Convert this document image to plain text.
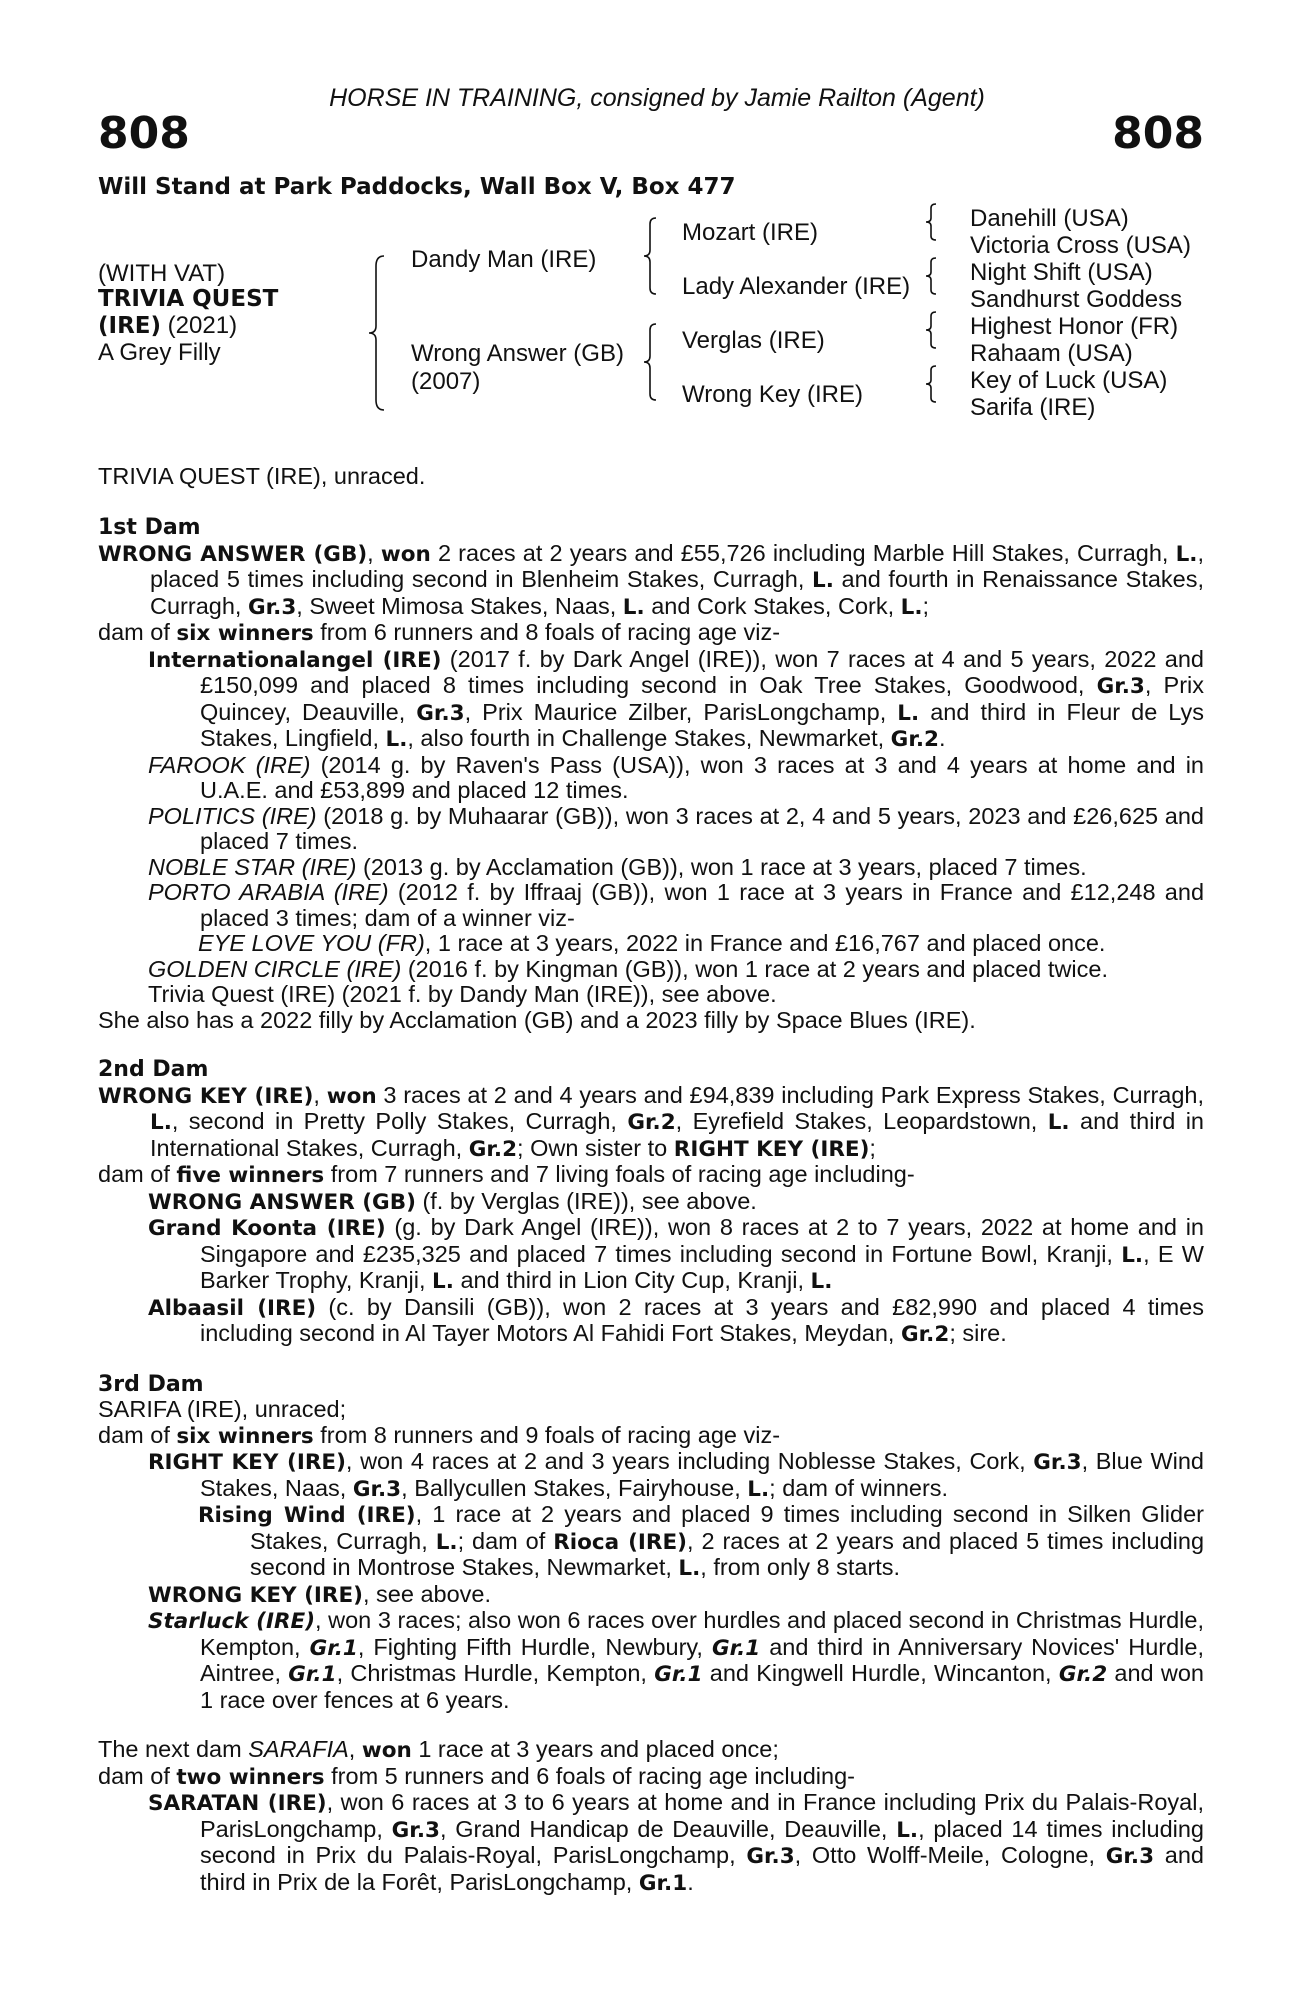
HORSE IN TRAINING, consigned by Jamie Railton (Agent)
808	808
Will Stand at Park Paddocks, Wall Box V, Box 477
(WITH VAT)
TRIVIA QUEST
(IRE) (2021)
A Grey Filly
Dandy Man (IRE)
Wrong Answer (GB)
(2007)
Mozart (IRE)
Lady Alexander (IRE)
Verglas (IRE)
Wrong Key (IRE)
Danehill (USA)
Victoria Cross (USA)
Night Shift (USA)
Sandhurst Goddess
Highest Honor (FR)
Rahaam (USA)
Key of Luck (USA)
Sarifa (IRE)

TRIVIA QUEST (IRE), unraced.

1st Dam

WRONG ANSWER (GB), won 2 races at 2 years and £55,726 including Marble Hill Stakes, Curragh, L., placed 5 times including second in Blenheim Stakes, Curragh, L. and fourth in Renaissance Stakes, Curragh, Gr.3, Sweet Mimosa Stakes, Naas, L. and Cork Stakes, Cork, L.;

dam of six winners from 6 runners and 8 foals of racing age viz-

Internationalangel (IRE) (2017 f. by Dark Angel (IRE)), won 7 races at 4 and 5 years, 2022 and £150,099 and placed 8 times including second in Oak Tree Stakes, Goodwood, Gr.3, Prix Quincey, Deauville, Gr.3, Prix Maurice Zilber, ParisLongchamp, L. and third in Fleur de Lys Stakes, Lingfield, L., also fourth in Challenge Stakes, Newmarket, Gr.2.

FAROOK (IRE) (2014 g. by Raven's Pass (USA)), won 3 races at 3 and 4 years at home and in U.A.E. and £53,899 and placed 12 times.

POLITICS (IRE) (2018 g. by Muhaarar (GB)), won 3 races at 2, 4 and 5 years, 2023 and £26,625 and placed 7 times.

NOBLE STAR (IRE) (2013 g. by Acclamation (GB)), won 1 race at 3 years, placed 7 times.

PORTO ARABIA (IRE) (2012 f. by Iffraaj (GB)), won 1 race at 3 years in France and £12,248 and placed 3 times; dam of a winner viz-

EYE LOVE YOU (FR), 1 race at 3 years, 2022 in France and £16,767 and placed once.

GOLDEN CIRCLE (IRE) (2016 f. by Kingman (GB)), won 1 race at 2 years and placed twice.

Trivia Quest (IRE) (2021 f. by Dandy Man (IRE)), see above.

She also has a 2022 filly by Acclamation (GB) and a 2023 filly by Space Blues (IRE).

2nd Dam

WRONG KEY (IRE), won 3 races at 2 and 4 years and £94,839 including Park Express Stakes, Curragh, L., second in Pretty Polly Stakes, Curragh, Gr.2, Eyrefield Stakes, Leopardstown, L. and third in International Stakes, Curragh, Gr.2; Own sister to RIGHT KEY (IRE);

dam of five winners from 7 runners and 7 living foals of racing age including-

WRONG ANSWER (GB) (f. by Verglas (IRE)), see above.

Grand Koonta (IRE) (g. by Dark Angel (IRE)), won 8 races at 2 to 7 years, 2022 at home and in Singapore and £235,325 and placed 7 times including second in Fortune Bowl, Kranji, L., E W Barker Trophy, Kranji, L. and third in Lion City Cup, Kranji, L.

Albaasil (IRE) (c. by Dansili (GB)), won 2 races at 3 years and £82,990 and placed 4 times including second in Al Tayer Motors Al Fahidi Fort Stakes, Meydan, Gr.2; sire.

3rd Dam

SARIFA (IRE), unraced;

dam of six winners from 8 runners and 9 foals of racing age viz-

RIGHT KEY (IRE), won 4 races at 2 and 3 years including Noblesse Stakes, Cork, Gr.3, Blue Wind Stakes, Naas, Gr.3, Ballycullen Stakes, Fairyhouse, L.; dam of winners.

Rising Wind (IRE), 1 race at 2 years and placed 9 times including second in Silken Glider Stakes, Curragh, L.; dam of Rioca (IRE), 2 races at 2 years and placed 5 times including second in Montrose Stakes, Newmarket, L., from only 8 starts.

WRONG KEY (IRE), see above.

Starluck (IRE), won 3 races; also won 6 races over hurdles and placed second in Christmas Hurdle, Kempton, Gr.1, Fighting Fifth Hurdle, Newbury, Gr.1 and third in Anniversary Novices' Hurdle, Aintree, Gr.1, Christmas Hurdle, Kempton, Gr.1 and Kingwell Hurdle, Wincanton, Gr.2 and won 1 race over fences at 6 years.

The next dam SARAFIA, won 1 race at 3 years and placed once;

dam of two winners from 5 runners and 6 foals of racing age including-

SARATAN (IRE), won 6 races at 3 to 6 years at home and in France including Prix du Palais-Royal, ParisLongchamp, Gr.3, Grand Handicap de Deauville, Deauville, L., placed 14 times including second in Prix du Palais-Royal, ParisLongchamp, Gr.3, Otto Wolff-Meile, Cologne, Gr.3 and third in Prix de la Forêt, ParisLongchamp, Gr.1.
